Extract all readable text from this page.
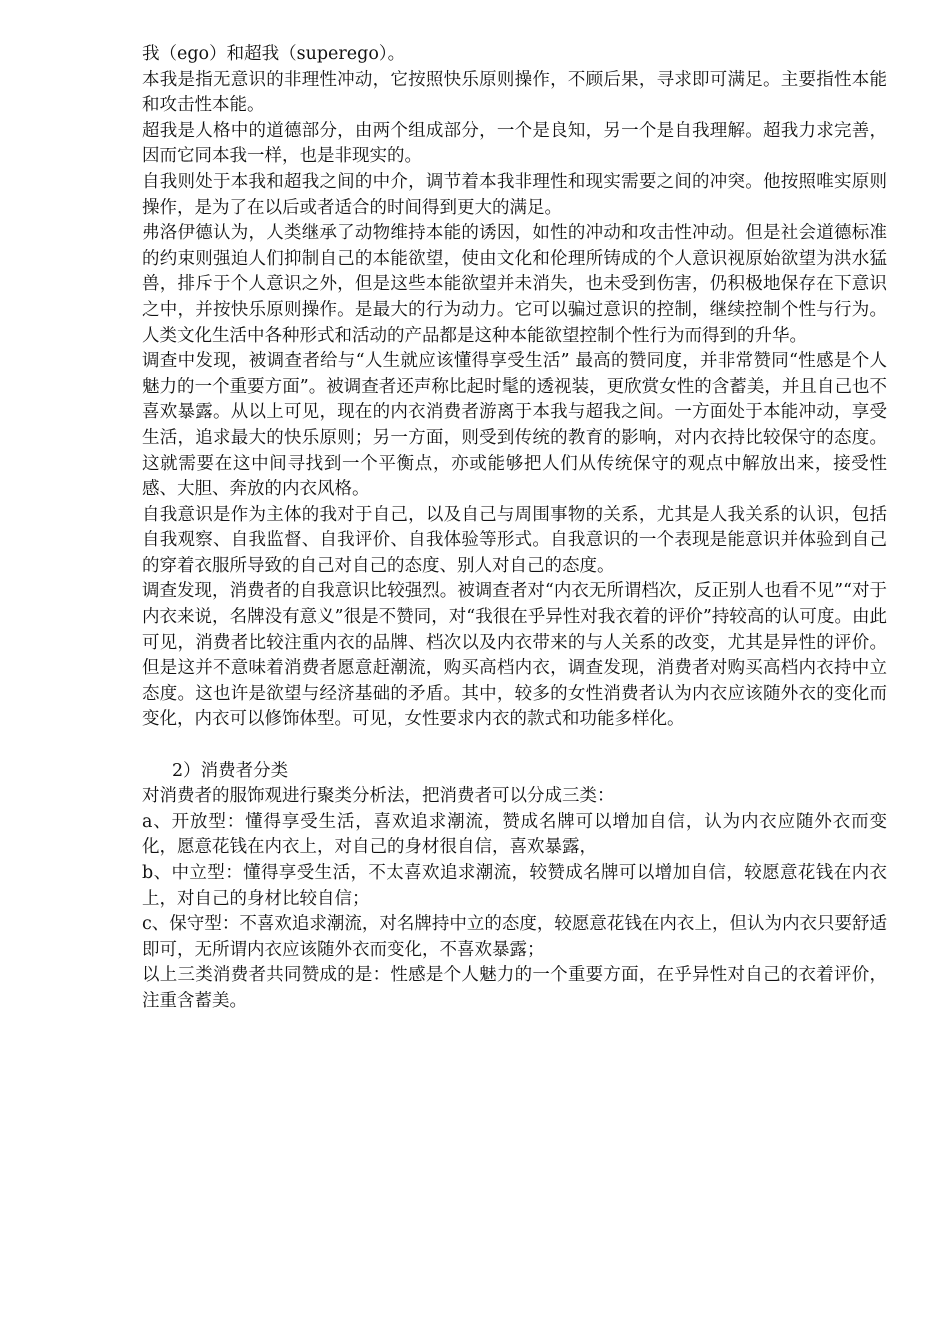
我（ego）和超我（superego）。

本我是指无意识的非理性冲动，它按照快乐原则操作，不顾后果，寻求即可满足。主要指性本能和攻击性本能。

超我是人格中的道德部分，由两个组成部分，一个是良知，另一个是自我理解。超我力求完善，因而它同本我一样，也是非现实的。

自我则处于本我和超我之间的中介，调节着本我非理性和现实需要之间的冲突。他按照唯实原则操作，是为了在以后或者适合的时间得到更大的满足。

弗洛伊德认为，人类继承了动物维持本能的诱因，如性的冲动和攻击性冲动。但是社会道德标准的约束则强迫人们抑制自己的本能欲望，使由文化和伦理所铸成的个人意识视原始欲望为洪水猛兽，排斥于个人意识之外，但是这些本能欲望并未消失，也未受到伤害，仍积极地保存在下意识之中，并按快乐原则操作。是最大的行为动力。它可以骗过意识的控制，继续控制个性与行为。人类文化生活中各种形式和活动的产品都是这种本能欲望控制个性行为而得到的升华。

调查中发现，被调查者给与“人生就应该懂得享受生活” 最高的赞同度，并非常赞同“性感是个人魅力的一个重要方面”。被调查者还声称比起时髦的透视装，更欣赏女性的含蓄美，并且自己也不喜欢暴露。从以上可见，现在的内衣消费者游离于本我与超我之间。一方面处于本能冲动，享受生活，追求最大的快乐原则；另一方面，则受到传统的教育的影响，对内衣持比较保守的态度。这就需要在这中间寻找到一个平衡点，亦或能够把人们从传统保守的观点中解放出来，接受性感、大胆、奔放的内衣风格。

自我意识是作为主体的我对于自己，以及自己与周围事物的关系，尤其是人我关系的认识，包括自我观察、自我监督、自我评价、自我体验等形式。自我意识的一个表现是能意识并体验到自己的穿着衣服所导致的自己对自己的态度、别人对自己的态度。

调查发现，消费者的自我意识比较强烈。被调查者对“内衣无所谓档次，反正别人也看不见”“对于内衣来说，名牌没有意义”很是不赞同，对“我很在乎异性对我衣着的评价”持较高的认可度。由此可见，消费者比较注重内衣的品牌、档次以及内衣带来的与人关系的改变，尤其是异性的评价。但是这并不意味着消费者愿意赶潮流，购买高档内衣，调查发现，消费者对购买高档内衣持中立态度。这也许是欲望与经济基础的矛盾。其中，较多的女性消费者认为内衣应该随外衣的变化而变化，内衣可以修饰体型。可见，女性要求内衣的款式和功能多样化。

2）消费者分类

对消费者的服饰观进行聚类分析法，把消费者可以分成三类：

a、开放型：懂得享受生活，喜欢追求潮流，赞成名牌可以增加自信，认为内衣应随外衣而变化，愿意花钱在内衣上，对自己的身材很自信，喜欢暴露，

b、中立型：懂得享受生活，不太喜欢追求潮流，较赞成名牌可以增加自信，较愿意花钱在内衣上，对自己的身材比较自信；

c、保守型：不喜欢追求潮流，对名牌持中立的态度，较愿意花钱在内衣上，但认为内衣只要舒适即可，无所谓内衣应该随外衣而变化，不喜欢暴露；

以上三类消费者共同赞成的是：性感是个人魅力的一个重要方面，在乎异性对自己的衣着评价，注重含蓄美。
